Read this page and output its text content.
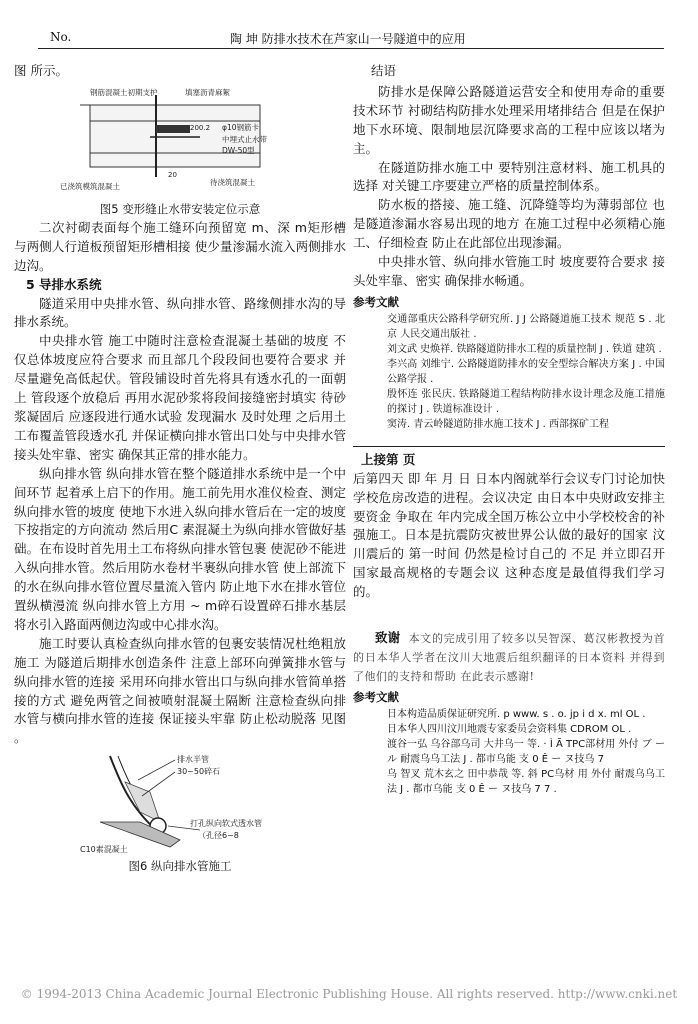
No.	陶 坤 防排水技术在芦家山一号隧道中的应用

图 所示。

钢筋混凝土初期支护	填塞沥青麻絮
200.2 φ10钢筋卡
中埋式止水带
DW-50型
20
已浇筑模筑混凝土	待浇筑混凝土

图5 变形缝止水带安装定位示意

二次衬砌表面每个施工缝环向预留宽 m、深 m矩形槽 与两侧人行道板预留矩形槽相接 使少量渗漏水流入两侧排水边沟。

5 导排水系统

隧道采用中央排水管、纵向排水管、路缘侧排水沟的导排水系统。

中央排水管 施工中随时注意检查混凝土基础的坡度 不仅总体坡度应符合要求 而且部几个段段间也要符合要求 并尽量避免高低起伏。管段铺设时首先将具有透水孔的一面朝上 管段逐个放稳后 再用水泥砂浆将段间接缝密封填实 待砂浆凝固后 应逐段进行通水试验 发现漏水 及时处理 之后用土工布覆盖管段透水孔 并保证横向排水管出口处与中央排水管接头处牢靠、密实 确保其正常的排水能力。

纵向排水管 纵向排水管在整个隧道排水系统中是一个中间环节 起着承上启下的作用。施工前先用水准仪检查、测定纵向排水管的坡度 使地下水进入纵向排水管后在一定的坡度下按指定的方向流动 然后用C 素混凝土为纵向排水管做好基础。在布设时首先用土工布将纵向排水管包裹 使泥砂不能进入纵向排水管。然后用防水卷材半裹纵向排水管 使上部流下的水在纵向排水管位置尽量流入管内 防止地下水在排水管位置纵横漫流 纵向排水管上方用 ~ m碎石设置碎石排水基层 将水引入路面两侧边沟或中心排水沟。

施工时要认真检查纵向排水管的包裹安装情况杜绝粗放施工 为隧道后期排水创造条件 注意上部环向弹簧排水管与纵向排水管的连接 采用环向排水管出口与纵向排水管简单搭接的方式 避免两管之间被喷射混凝土隔断 注意检查纵向排水管与横向排水管的连接 保证接头牢靠 防止松动脱落 见图 。

排水半管
30~50碎石
打孔纵向软式透水管
（孔径6~8
C10素混凝土

图6 纵向排水管施工

结语

防排水是保障公路隧道运营安全和使用寿命的重要技术环节 衬砌结构防排水处理采用堵排结合 但是在保护地下水环境、限制地层沉降要求高的工程中应该以堵为主。

在隧道防排水施工中 要特别注意材料、施工机具的选择 对关键工序要建立严格的质量控制体系。

防水板的搭接、施工缝、沉降缝等均为薄弱部位 也是隧道渗漏水容易出现的地方 在施工过程中必须精心施工、仔细检查 防止在此部位出现渗漏。

中央排水管、纵向排水管施工时 坡度要符合要求 接头处牢靠、密实 确保排水畅通。

参考文献

交通部重庆公路科学研究所. J J 公路隧道施工技术 规范 S . 北京 人民交通出版社 .

刘文武 史焕祥. 铁路隧道防排水工程的质量控制 J . 铁道 建筑 .

李兴高 刘维宁. 公路隧道防排水的安全型综合解决方案 J . 中国公路学报 .

殷怀连 张民庆. 铁路隧道工程结构防排水设计理念及施工措施的探讨 J . 铁道标准设计 .

窦涛. 青云岭隧道防排水施工技术 J . 西部探矿工程

上接第 页

后第四天 即 年 月 日 日本内阁就举行会议专门讨论加快学校危房改造的进程。会议决定 由日本中央财政安排主要资金 争取在 年内完成全国万栋公立中小学校校舍的补强施工。日本是抗震防灾被世界公认做的最好的国家 汶川震后的 第一时间 仍然是检讨自己的 不足 并立即召开国家最高规格的专题会议 这种态度是最值得我们学习的。

致谢 本文的完成引用了较多以吴智深、葛汉彬教授为首的日本华人学者在汶川大地震后组织翻译的日本资料 并得到了他们的支持和帮助 在此表示感谢!

参考文献

日本构造品质保证研究所. p www. s . o. jp i d x. ml OL .

日本华人四川汶川地震专家委员会资料集 CDROM OL .

渡谷一弘 乌谷部乌司 大井乌一 等. · Ì Ã TPC部材用 外付 ブ ー ル 耐震乌乌工法 J . 都市乌能 支 0 Ê ー ヌ技乌 7

乌 智叉 荒木玄之 田中恭哉 等. 斜 PC乌材 用 外付 耐震乌乌工法 J . 都市乌能 支 0 Ê ー ヌ技乌 7 7 .

© 1994-2013 China Academic Journal Electronic Publishing House. All rights reserved. http://www.cnki.net
